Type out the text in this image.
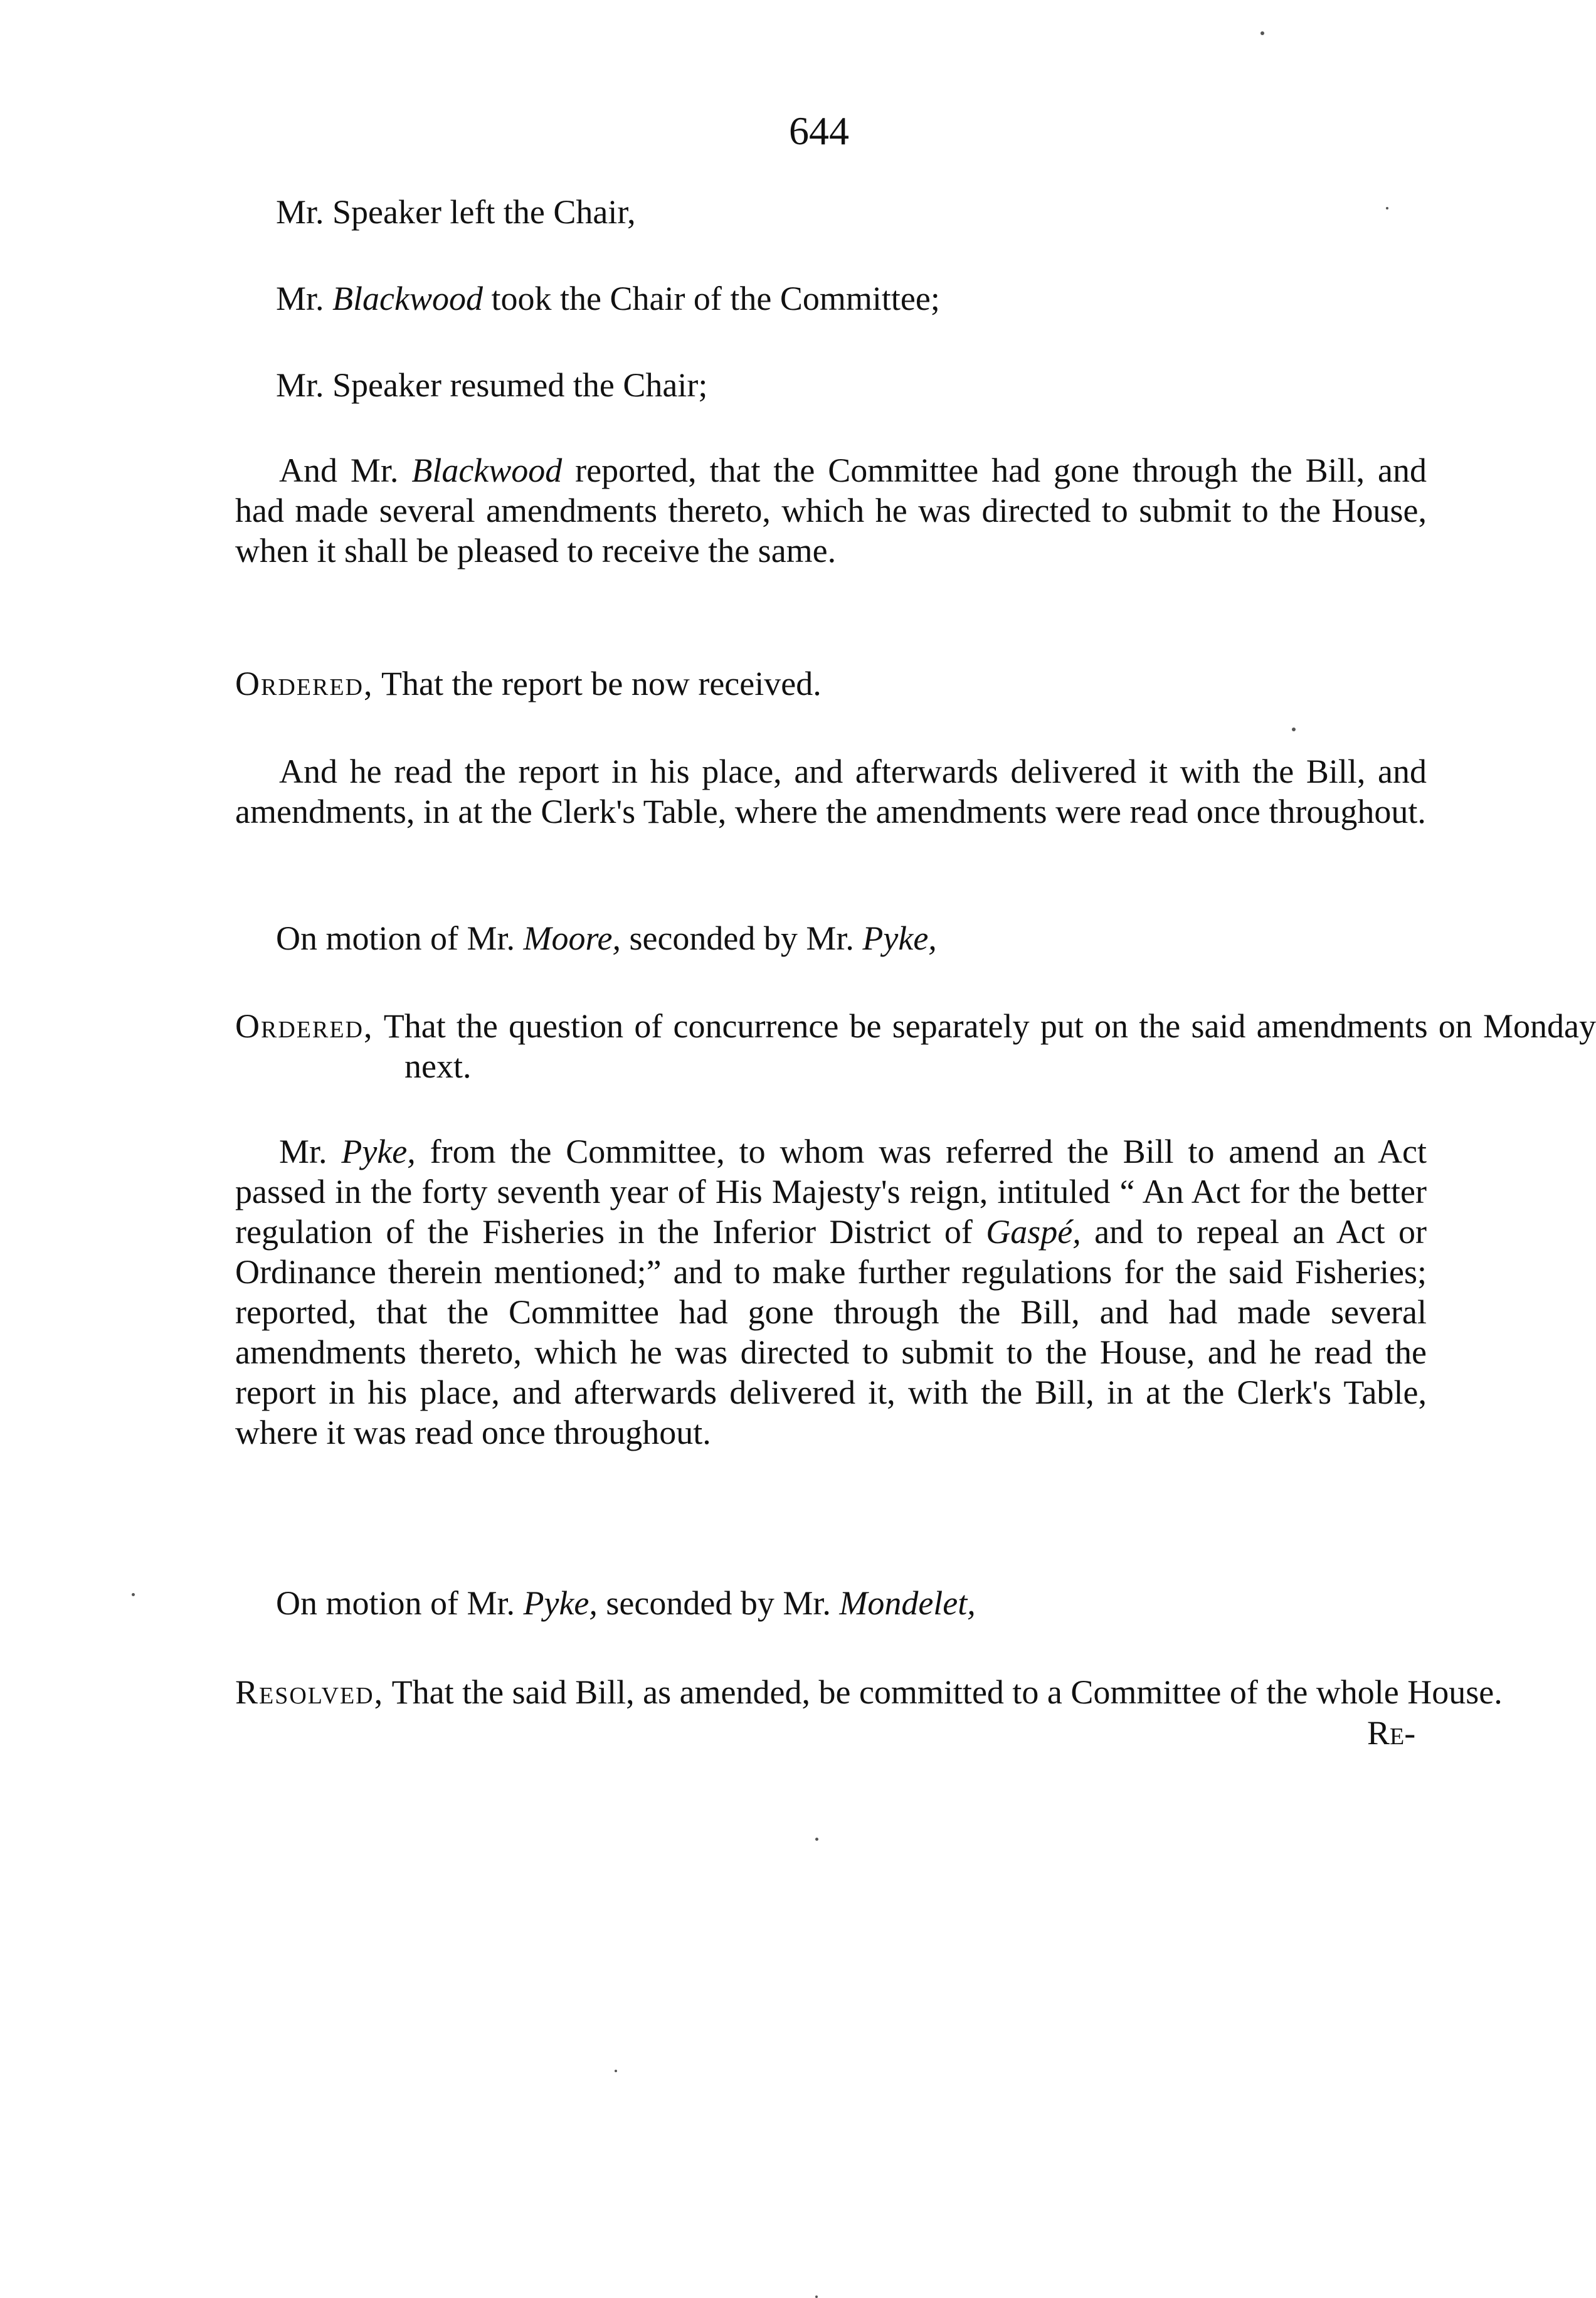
644
Mr. Speaker left the Chair,
Mr. Blackwood took the Chair of the Committee;
Mr. Speaker resumed the Chair;
And Mr. Blackwood reported, that the Committee had gone through the Bill, and had made several amendments thereto, which he was directed to submit to the House, when it shall be pleased to receive the same.
Ordered, That the report be now received.
And he read the report in his place, and afterwards delivered it with the Bill, and amendments, in at the Clerk's Table, where the amendments were read once throughout.
On motion of Mr. Moore, seconded by Mr. Pyke,
Ordered, That the question of concurrence be separately put on the said amendments on Monday next.
Mr. Pyke, from the Committee, to whom was referred the Bill to amend an Act passed in the forty seventh year of His Majesty's reign, intituled “ An Act for the better regulation of the Fisheries in the Inferior District of Gaspé, and to repeal an Act or Ordinance therein mentioned;” and to make further regulations for the said Fisheries; reported, that the Committee had gone through the Bill, and had made several amendments thereto, which he was directed to submit to the House, and he read the report in his place, and afterwards delivered it, with the Bill, in at the Clerk's Table, where it was read once throughout.
On motion of Mr. Pyke, seconded by Mr. Mondelet,
Resolved, That the said Bill, as amended, be committed to a Committee of the whole House.
Re-
